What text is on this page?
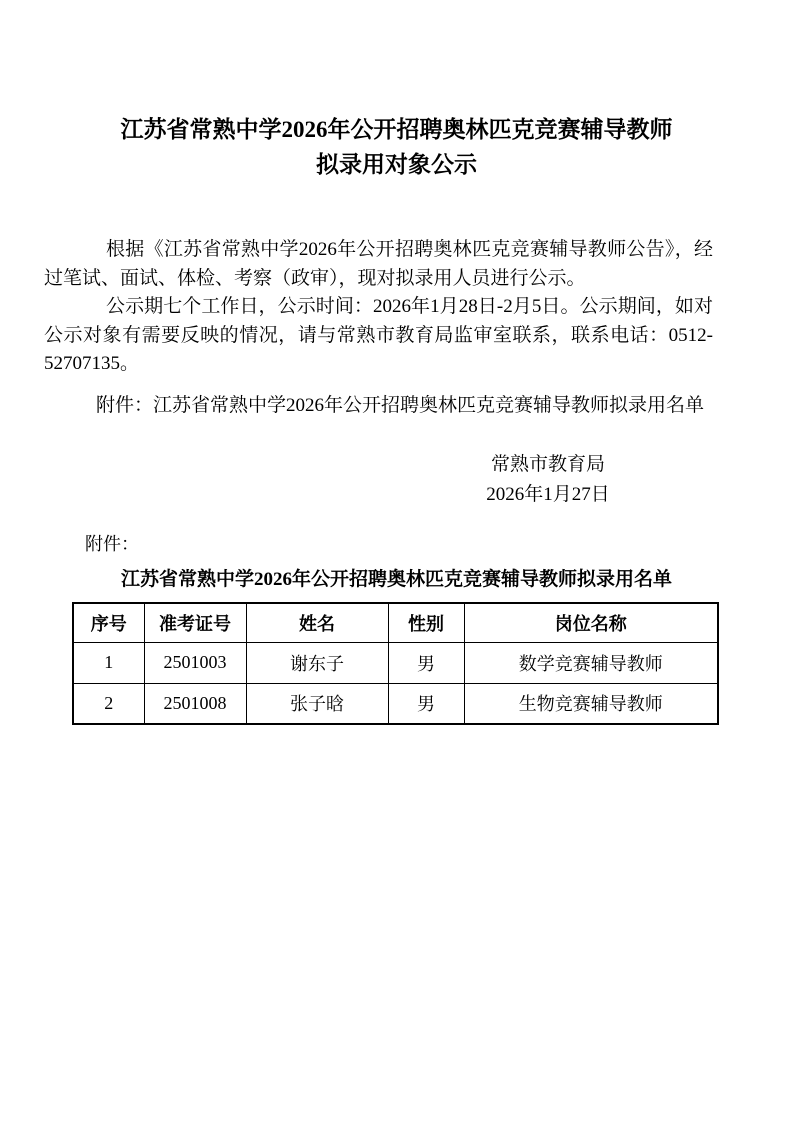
江苏省常熟中学2026年公开招聘奥林匹克竞赛辅导教师
拟录用对象公示

根据《江苏省常熟中学2026年公开招聘奥林匹克竞赛辅导教师公告》，经过笔试、面试、体检、考察（政审），现对拟录用人员进行公示。

公示期七个工作日，公示时间：2026年1月28日-2月5日。公示期间，如对公示对象有需要反映的情况，请与常熟市教育局监审室联系，联系电话：0512-52707135。

附件：江苏省常熟中学2026年公开招聘奥林匹克竞赛辅导教师拟录用名单
常熟市教育局
2026年1月27日
附件：
江苏省常熟中学2026年公开招聘奥林匹克竞赛辅导教师拟录用名单
序号	准考证号	姓名	性别	岗位名称
1	2501003	谢东子	男	数学竞赛辅导教师
2	2501008	张子晗	男	生物竞赛辅导教师
